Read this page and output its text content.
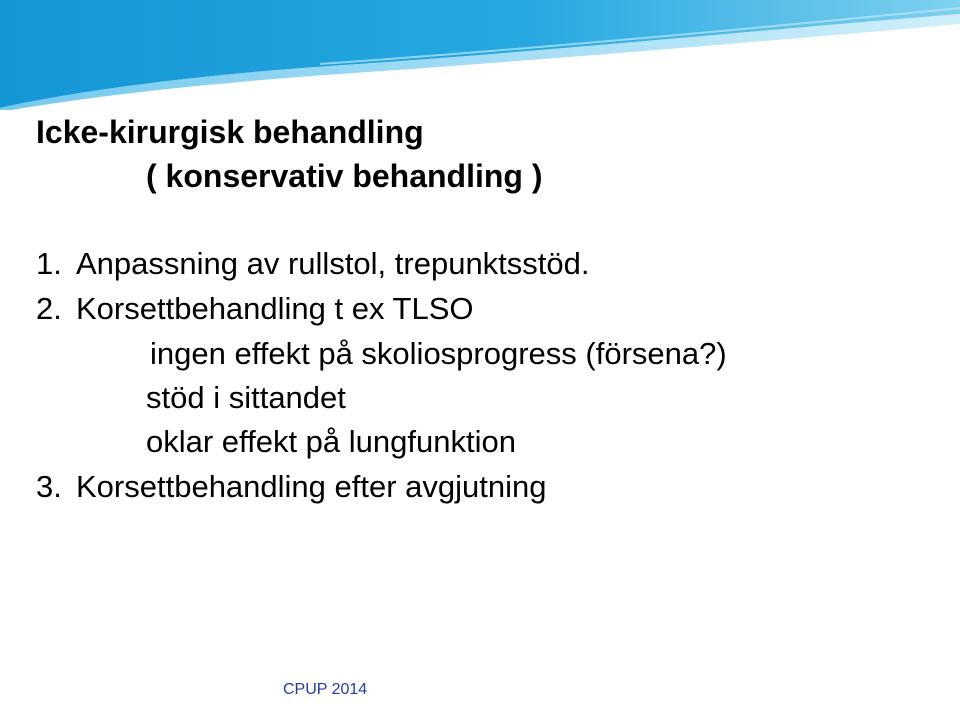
Icke-kirurgisk behandling
( konservativ behandling )
1. Anpassning av rullstol, trepunktsstöd.
2. Korsettbehandling t ex TLSO
ingen effekt på skoliosprogress (försena?)
stöd i sittandet
oklar effekt på lungfunktion
3. Korsettbehandling efter avgjutning
CPUP 2014
